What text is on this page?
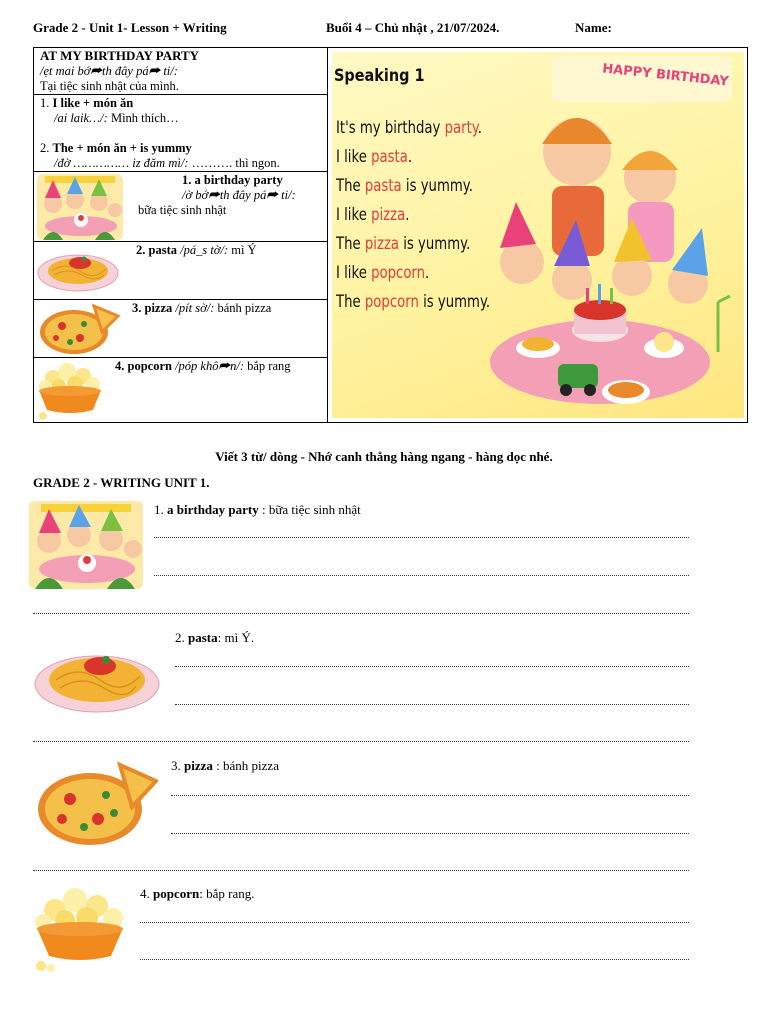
Grade 2 - Unit 1- Lesson + Writing	Buổi 4 – Chủ nhật , 21/07/2024.	Name:
AT MY BIRTHDAY PARTY
/ẹt mai bớ⮫th đây pá⮫ ti/:
Tại tiệc sinh nhật của mình.
1. I like + món ăn
/ai laik…/: Mình thích…
2. The + món ăn + is yummy
/đờ …………… iz đăm mì/: ………. thì ngon.
1. a birthday party
/ờ bớ⮫th đây pá⮫ ti/:
bữa tiệc sinh nhật
2. pasta /pá_s tờ/: mì Ý
3. pizza /pít sờ/: bánh pizza
4. popcorn /póp khô⮫n/: bắp rang
HAPPY BIRTHDAY
Speaking 1
It's my birthday party.
I like pasta.
The pasta is yummy.
I like pizza.
The pizza is yummy.
I like popcorn.
The popcorn is yummy.
Viết 3 từ/ dòng - Nhớ canh thẳng hàng ngang - hàng dọc nhé.
GRADE 2 - WRITING UNIT 1.
1. a birthday party : bữa tiệc sinh nhật
2. pasta: mì Ý.
3. pizza : bánh pizza
4. popcorn: bắp rang.
